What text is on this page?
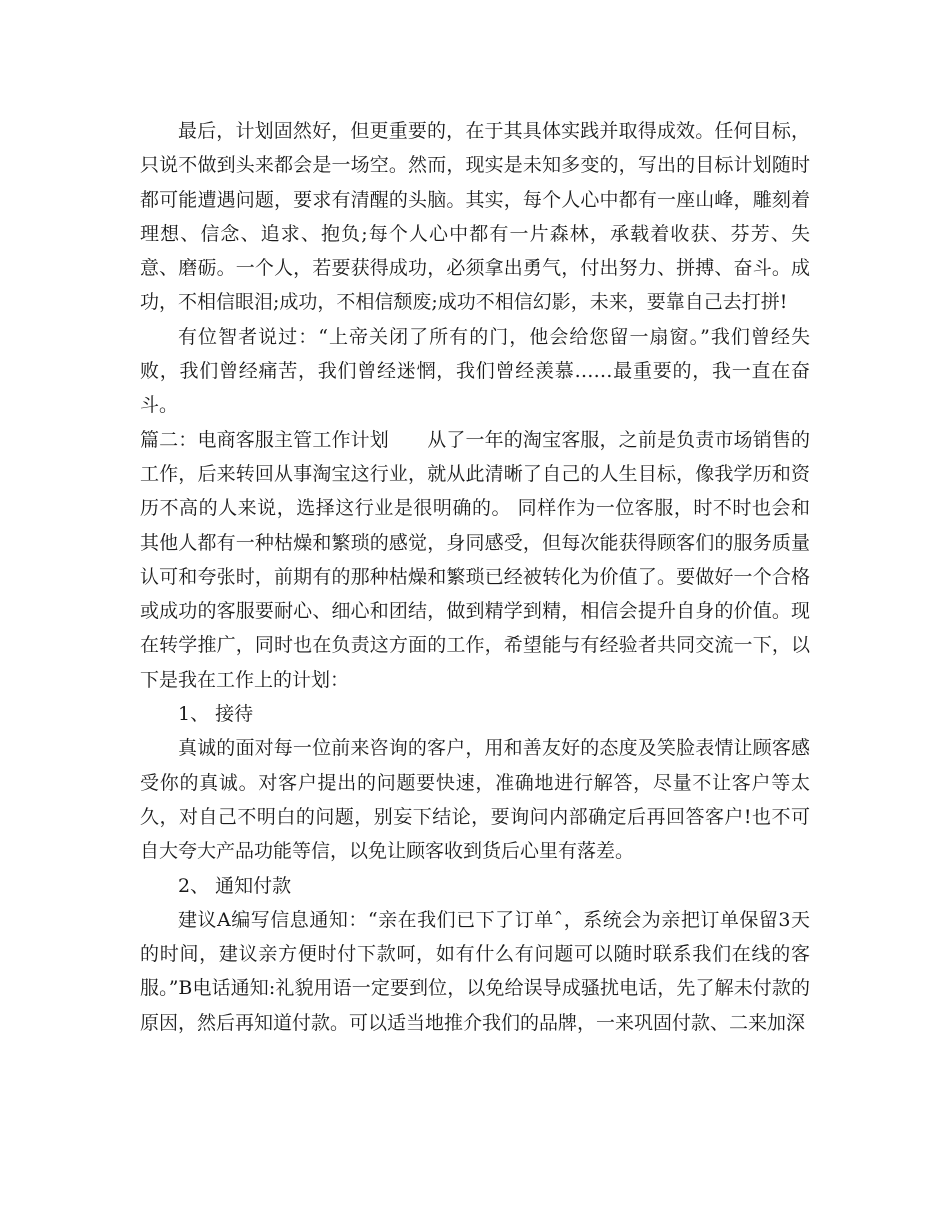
最后，计划固然好，但更重要的，在于其具体实践并取得成效。任何目标，只说不做到头来都会是一场空。然而，现实是未知多变的，写出的目标计划随时都可能遭遇问题，要求有清醒的头脑。其实，每个人心中都有一座山峰，雕刻着理想、信念、追求、抱负;每个人心中都有一片森林，承载着收获、芬芳、失意、磨砺。一个人，若要获得成功，必须拿出勇气，付出努力、拼搏、奋斗。成功，不相信眼泪;成功，不相信颓废;成功不相信幻影，未来，要靠自己去打拼!

有位智者说过：“上帝关闭了所有的门，他会给您留一扇窗。”我们曾经失败，我们曾经痛苦，我们曾经迷惘，我们曾经羡慕……最重要的，我一直在奋斗。

篇二：电商客服主管工作计划　　从了一年的淘宝客服，之前是负责市场销售的工作，后来转回从事淘宝这行业，就从此清晰了自己的人生目标，像我学历和资历不高的人来说，选择这行业是很明确的。 同样作为一位客服，时不时也会和其他人都有一种枯燥和繁琐的感觉，身同感受，但每次能获得顾客们的服务质量认可和夸张时，前期有的那种枯燥和繁琐已经被转化为价值了。要做好一个合格或成功的客服要耐心、细心和团结，做到精学到精，相信会提升自身的价值。现在转学推广，同时也在负责这方面的工作，希望能与有经验者共同交流一下，以下是我在工作上的计划：

1、 接待

真诚的面对每一位前来咨询的客户，用和善友好的态度及笑脸表情让顾客感受你的真诚。对客户提出的问题要快速，准确地进行解答，尽量不让客户等太久，对自己不明白的问题，别妄下结论，要询问内部确定后再回答客户!也不可自大夸大产品功能等信，以免让顾客收到货后心里有落差。

2、 通知付款

建议A编写信息通知：“亲在我们已下了订单ˆ，系统会为亲把订单保留3天的时间，建议亲方便时付下款呵，如有什么有问题可以随时联系我们在线的客服。”B电话通知:礼貌用语一定要到位，以免给误导成骚扰电话，先了解未付款的原因，然后再知道付款。可以适当地推介我们的品牌，一来巩固付款、二来加深
